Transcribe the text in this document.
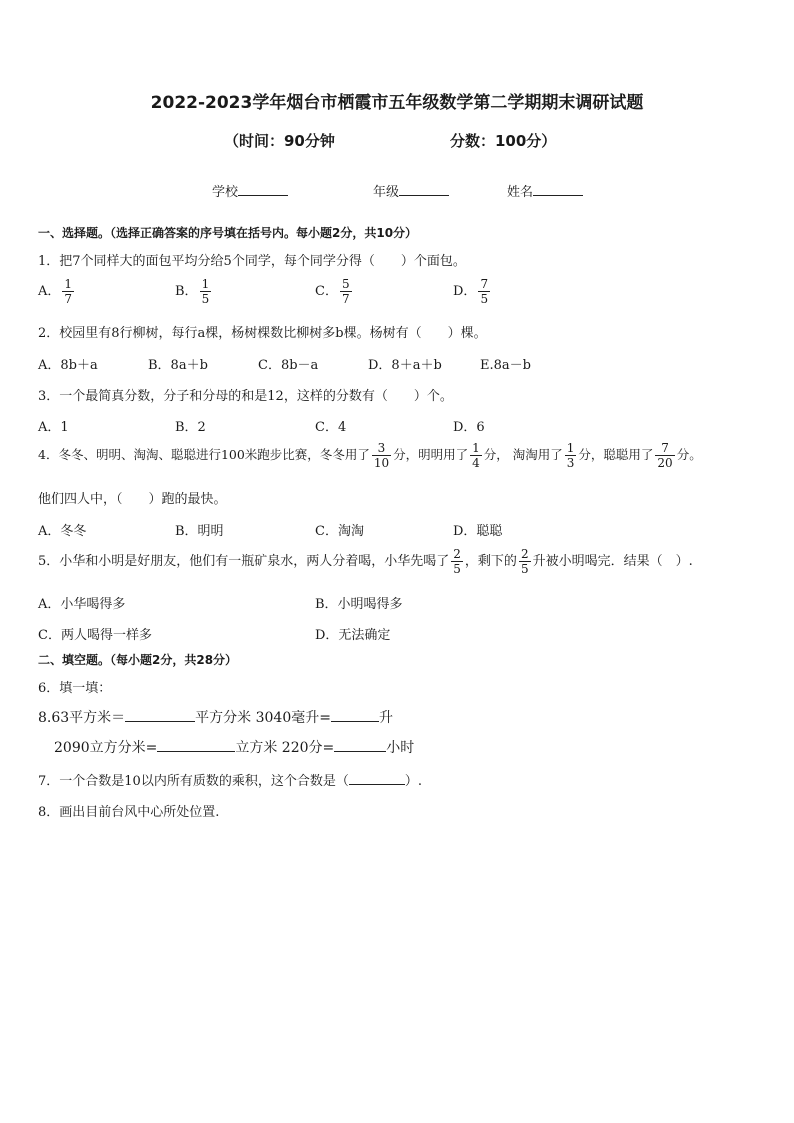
2022-2023学年烟台市栖霞市五年级数学第二学期期末调研试题
（时间：90分钟	分数：100分）
学校	年级	姓名
一、选择题。（选择正确答案的序号填在括号内。每小题2分，共10分）
1．把7个同样大的面包平均分给5个同学，每个同学分得（　　）个面包。
A． $\frac{1}{7}$	B． $\frac{1}{5}$	C． $\frac{5}{7}$	D． $\frac{7}{5}$
2．校园里有8行柳树，每行a棵，杨树棵数比柳树多b棵。杨树有（　　）棵。
A．8b＋a	B．8a＋b	C．8b－a	D．8＋a＋b	E.8a－b
3．一个最简真分数，分子和分母的和是12，这样的分数有（　　）个。
A．1	B．2	C．4	D．6
4．冬冬、明明、淘淘、聪聪进行100米跑步比赛，冬冬用了 $\frac{3}{10}$ 分，明明用了 $\frac{1}{4}$ 分， 淘淘用了 $\frac{1}{3}$ 分，聪聪用了 $\frac{7}{20}$ 分。
他们四人中，（　　）跑的最快。
A．冬冬	B．明明	C．淘淘	D．聪聪
5．小华和小明是好朋友，他们有一瓶矿泉水，两人分着喝，小华先喝了 $\frac{2}{5}$ ，剩下的 $\frac{2}{5}$ 升被小明喝完．结果（　）.
A．小华喝得多	B．小明喝得多
C．两人喝得一样多	D．无法确定
二、填空题。（每小题2分，共28分）
6．填一填：
8.63平方米＝	平方分米 3040毫升=	升
2090立方分米=	立方米 220分=	小时
7．一个合数是10以内所有质数的乘积，这个合数是（	）.
8．画出目前台风中心所处位置.
